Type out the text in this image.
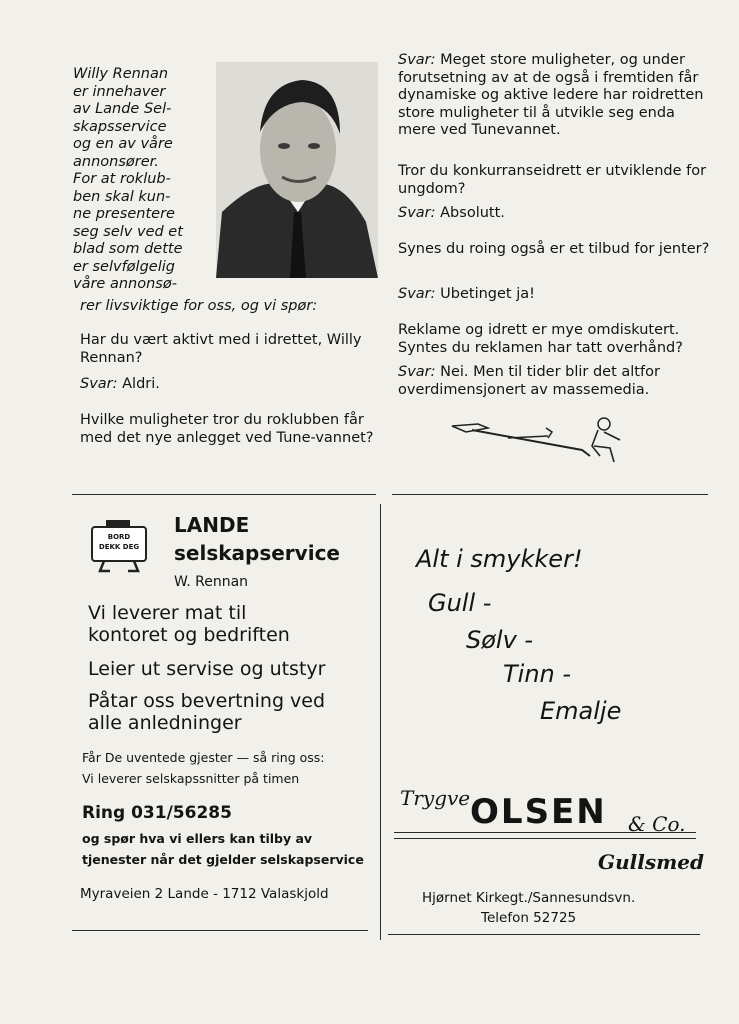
Willy Rennan
er innehaver
av Lande Sel-
skapsservice
og en av våre
annonsører.
For at roklub-
ben skal kun-
ne presentere
seg selv ved et
blad som dette
er selvfølgelig
våre annonsø-
rer livsviktige for oss, og vi spør:
Har du vært aktivt med i idrettet, Willy Rennan?
Svar: Aldri.
Hvilke muligheter tror du roklubben får med det nye anlegget ved Tune-vannet?
Svar: Meget store muligheter, og under forutsetning av at de også i fremtiden får dynamiske og aktive ledere har roidretten store muligheter til å utvikle seg enda mere ved Tunevannet.
Tror du konkurranseidrett er utviklende for ungdom?
Svar: Absolutt.
Synes du roing også er et tilbud for jenter?
Svar: Ubetinget ja!
Reklame og idrett er mye omdiskutert. Syntes du reklamen har tatt overhånd?
Svar: Nei. Men til tider blir det altfor overdimensjonert av massemedia.
BORD
DEKK DEG
LANDE
selskapservice
W. Rennan
Vi leverer mat til kontoret og bedriften
Leier ut servise og utstyr
Påtar oss bevertning ved alle anledninger
Får De uventede gjester — så ring oss:
Vi leverer selskapssnitter på timen
Ring 031/56285
og spør hva vi ellers kan tilby av
tjenester når det gjelder selskapservice
Myraveien 2 Lande - 1712 Valaskjold
Alt i smykker!
Gull -
Sølv -
Tinn -
Emalje
Trygve OLSEN & Co.
Gullsmed
Hjørnet Kirkegt./Sannesundsvn.
Telefon 52725
